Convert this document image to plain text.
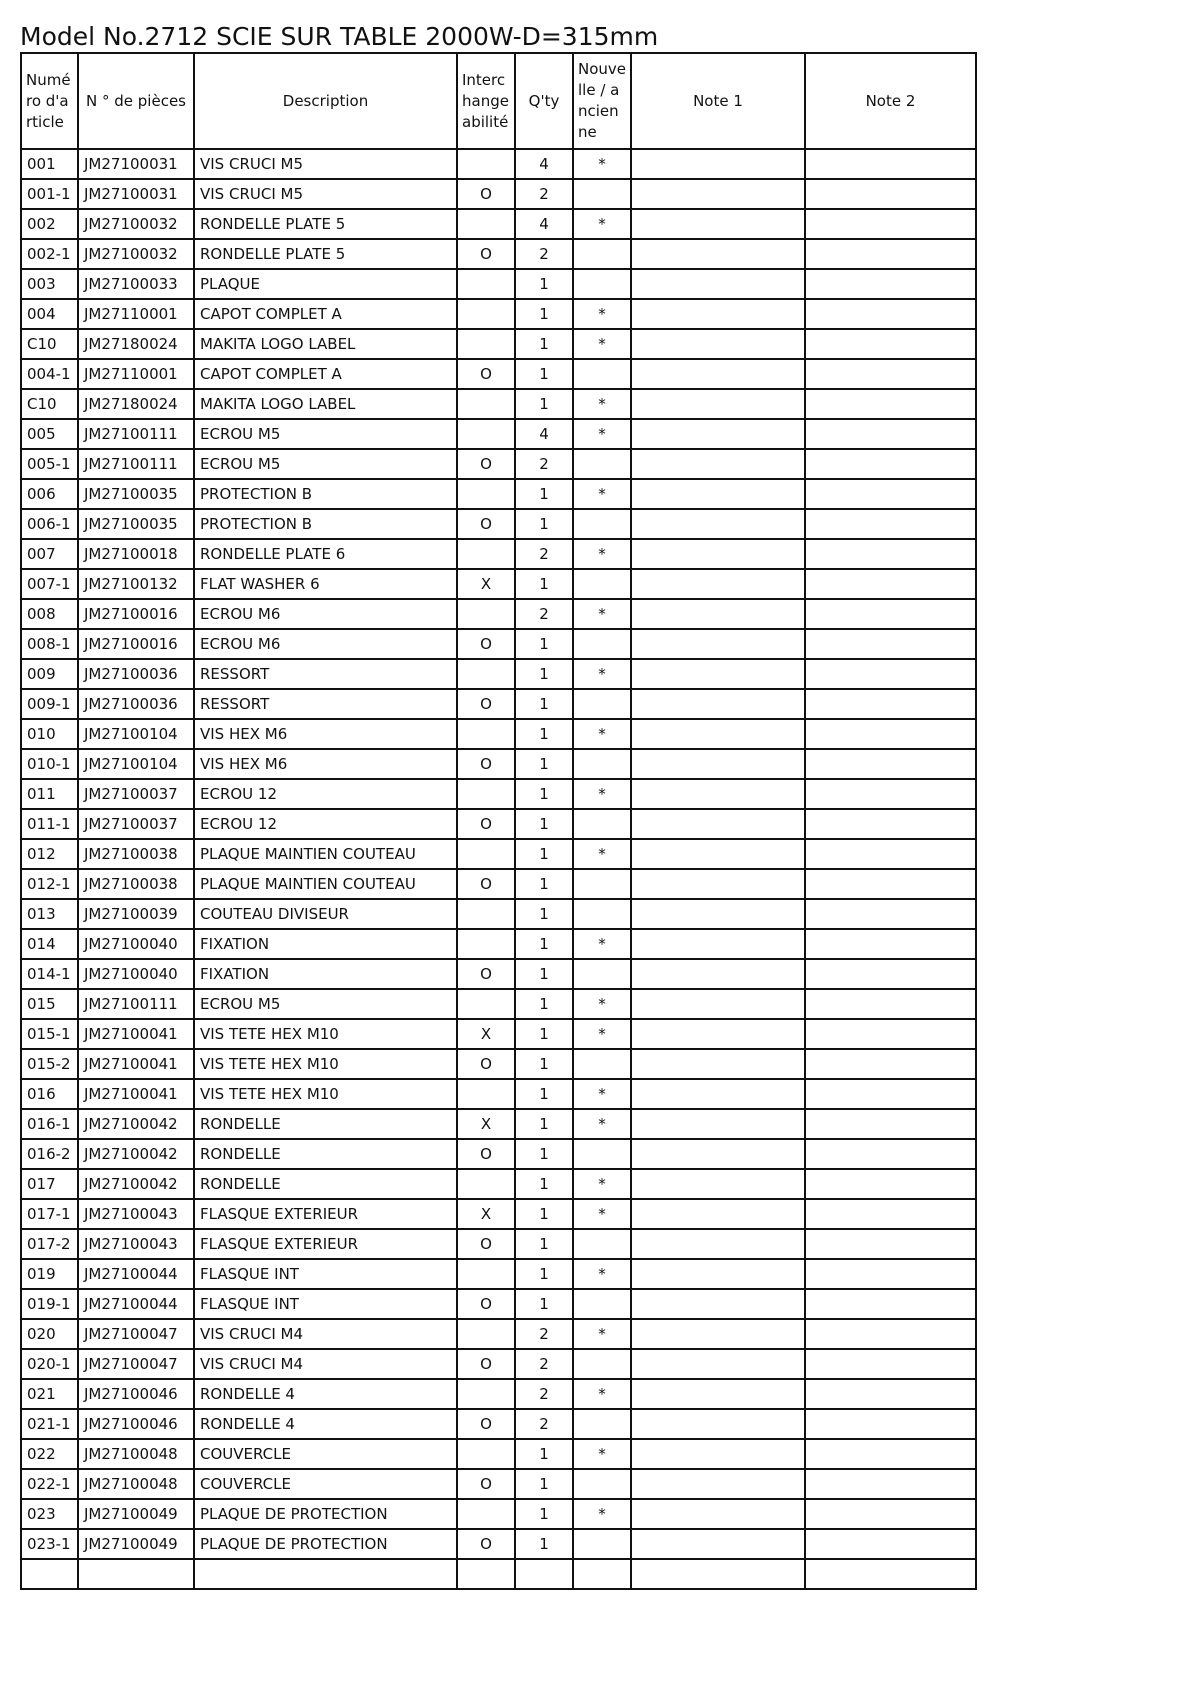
Model No.2712 SCIE SUR TABLE 2000W-D=315mm
Numéro d'article	N ° de pièces	Description	Interchangeabilité	Q'ty	Nouvelle / ancienne	Note 1	Note 2
001	JM27100031	VIS CRUCI M5		4	*		
001-1	JM27100031	VIS CRUCI M5	O	2			
002	JM27100032	RONDELLE PLATE 5		4	*		
002-1	JM27100032	RONDELLE PLATE 5	O	2			
003	JM27100033	PLAQUE		1			
004	JM27110001	CAPOT COMPLET A		1	*		
C10	JM27180024	MAKITA LOGO LABEL		1	*		
004-1	JM27110001	CAPOT COMPLET A	O	1			
C10	JM27180024	MAKITA LOGO LABEL		1	*		
005	JM27100111	ECROU M5		4	*		
005-1	JM27100111	ECROU M5	O	2			
006	JM27100035	PROTECTION B		1	*		
006-1	JM27100035	PROTECTION B	O	1			
007	JM27100018	RONDELLE PLATE 6		2	*		
007-1	JM27100132	FLAT WASHER 6	X	1			
008	JM27100016	ECROU M6		2	*		
008-1	JM27100016	ECROU M6	O	1			
009	JM27100036	RESSORT		1	*		
009-1	JM27100036	RESSORT	O	1			
010	JM27100104	VIS HEX M6		1	*		
010-1	JM27100104	VIS HEX M6	O	1			
011	JM27100037	ECROU 12		1	*		
011-1	JM27100037	ECROU 12	O	1			
012	JM27100038	PLAQUE MAINTIEN COUTEAU		1	*		
012-1	JM27100038	PLAQUE MAINTIEN COUTEAU	O	1			
013	JM27100039	COUTEAU DIVISEUR		1			
014	JM27100040	FIXATION		1	*		
014-1	JM27100040	FIXATION	O	1			
015	JM27100111	ECROU M5		1	*		
015-1	JM27100041	VIS TETE HEX M10	X	1	*		
015-2	JM27100041	VIS TETE HEX M10	O	1			
016	JM27100041	VIS TETE HEX M10		1	*		
016-1	JM27100042	RONDELLE	X	1	*		
016-2	JM27100042	RONDELLE	O	1			
017	JM27100042	RONDELLE		1	*		
017-1	JM27100043	FLASQUE EXTERIEUR	X	1	*		
017-2	JM27100043	FLASQUE EXTERIEUR	O	1			
019	JM27100044	FLASQUE INT		1	*		
019-1	JM27100044	FLASQUE INT	O	1			
020	JM27100047	VIS CRUCI M4		2	*		
020-1	JM27100047	VIS CRUCI M4	O	2			
021	JM27100046	RONDELLE 4		2	*		
021-1	JM27100046	RONDELLE 4	O	2			
022	JM27100048	COUVERCLE		1	*		
022-1	JM27100048	COUVERCLE	O	1			
023	JM27100049	PLAQUE DE PROTECTION		1	*		
023-1	JM27100049	PLAQUE DE PROTECTION	O	1			
